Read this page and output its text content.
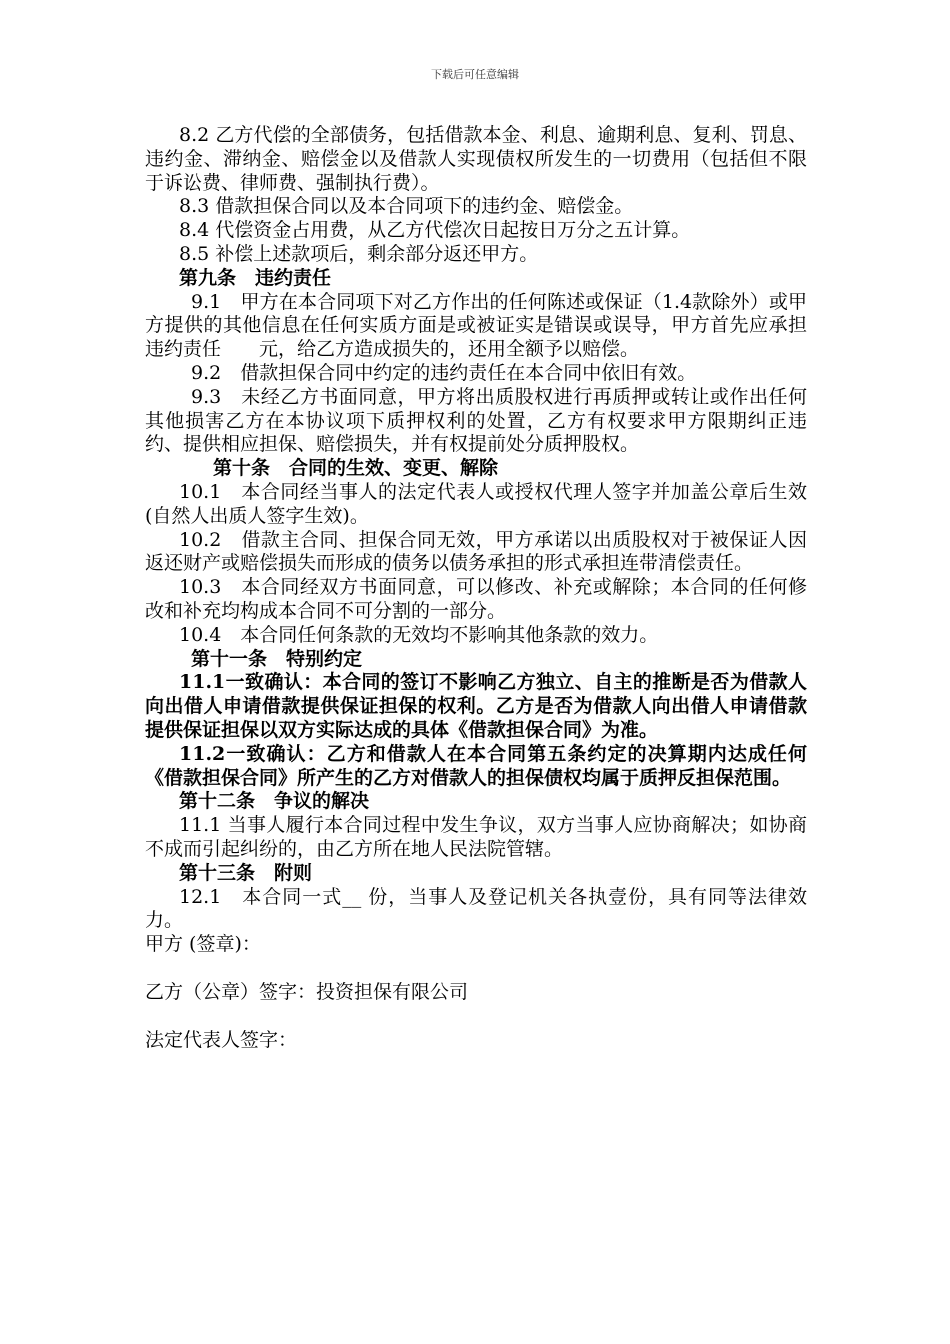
下载后可任意编辑

8.2 乙方代偿的全部债务，包括借款本金、利息、逾期利息、复利、罚息、违约金、滞纳金、赔偿金以及借款人实现债权所发生的一切费用（包括但不限于诉讼费、律师费、强制执行费）。

8.3 借款担保合同以及本合同项下的违约金、赔偿金。

8.4 代偿资金占用费，从乙方代偿次日起按日万分之五计算。

8.5 补偿上述款项后，剩余部分返还甲方。

第九条　违约责任

9.1　甲方在本合同项下对乙方作出的任何陈述或保证（1.4款除外）或甲方提供的其他信息在任何实质方面是或被证实是错误或误导，甲方首先应承担违约责任　　元，给乙方造成损失的，还用全额予以赔偿。

9.2　借款担保合同中约定的违约责任在本合同中依旧有效。

9.3　未经乙方书面同意，甲方将出质股权进行再质押或转让或作出任何其他损害乙方在本协议项下质押权利的处置，乙方有权要求甲方限期纠正违约、提供相应担保、赔偿损失，并有权提前处分质押股权。

第十条　合同的生效、变更、解除

10.1　本合同经当事人的法定代表人或授权代理人签字并加盖公章后生效(自然人出质人签字生效)。

10.2　借款主合同、担保合同无效，甲方承诺以出质股权对于被保证人因返还财产或赔偿损失而形成的债务以债务承担的形式承担连带清偿责任。

10.3　本合同经双方书面同意，可以修改、补充或解除；本合同的任何修改和补充均构成本合同不可分割的一部分。

10.4　本合同任何条款的无效均不影响其他条款的效力。

第十一条　特别约定

11.1一致确认：本合同的签订不影响乙方独立、自主的推断是否为借款人向出借人申请借款提供保证担保的权利。乙方是否为借款人向出借人申请借款提供保证担保以双方实际达成的具体《借款担保合同》为准。

11.2一致确认：乙方和借款人在本合同第五条约定的决算期内达成任何《借款担保合同》所产生的乙方对借款人的担保债权均属于质押反担保范围。

第十二条　争议的解决

11.1 当事人履行本合同过程中发生争议，双方当事人应协商解决；如协商不成而引起纠纷的，由乙方所在地人民法院管辖。

第十三条　附则

12.1　本合同一式__ 份，当事人及登记机关各执壹份，具有同等法律效力。

甲方 (签章)：

乙方（公章）签字：投资担保有限公司

法定代表人签字：
